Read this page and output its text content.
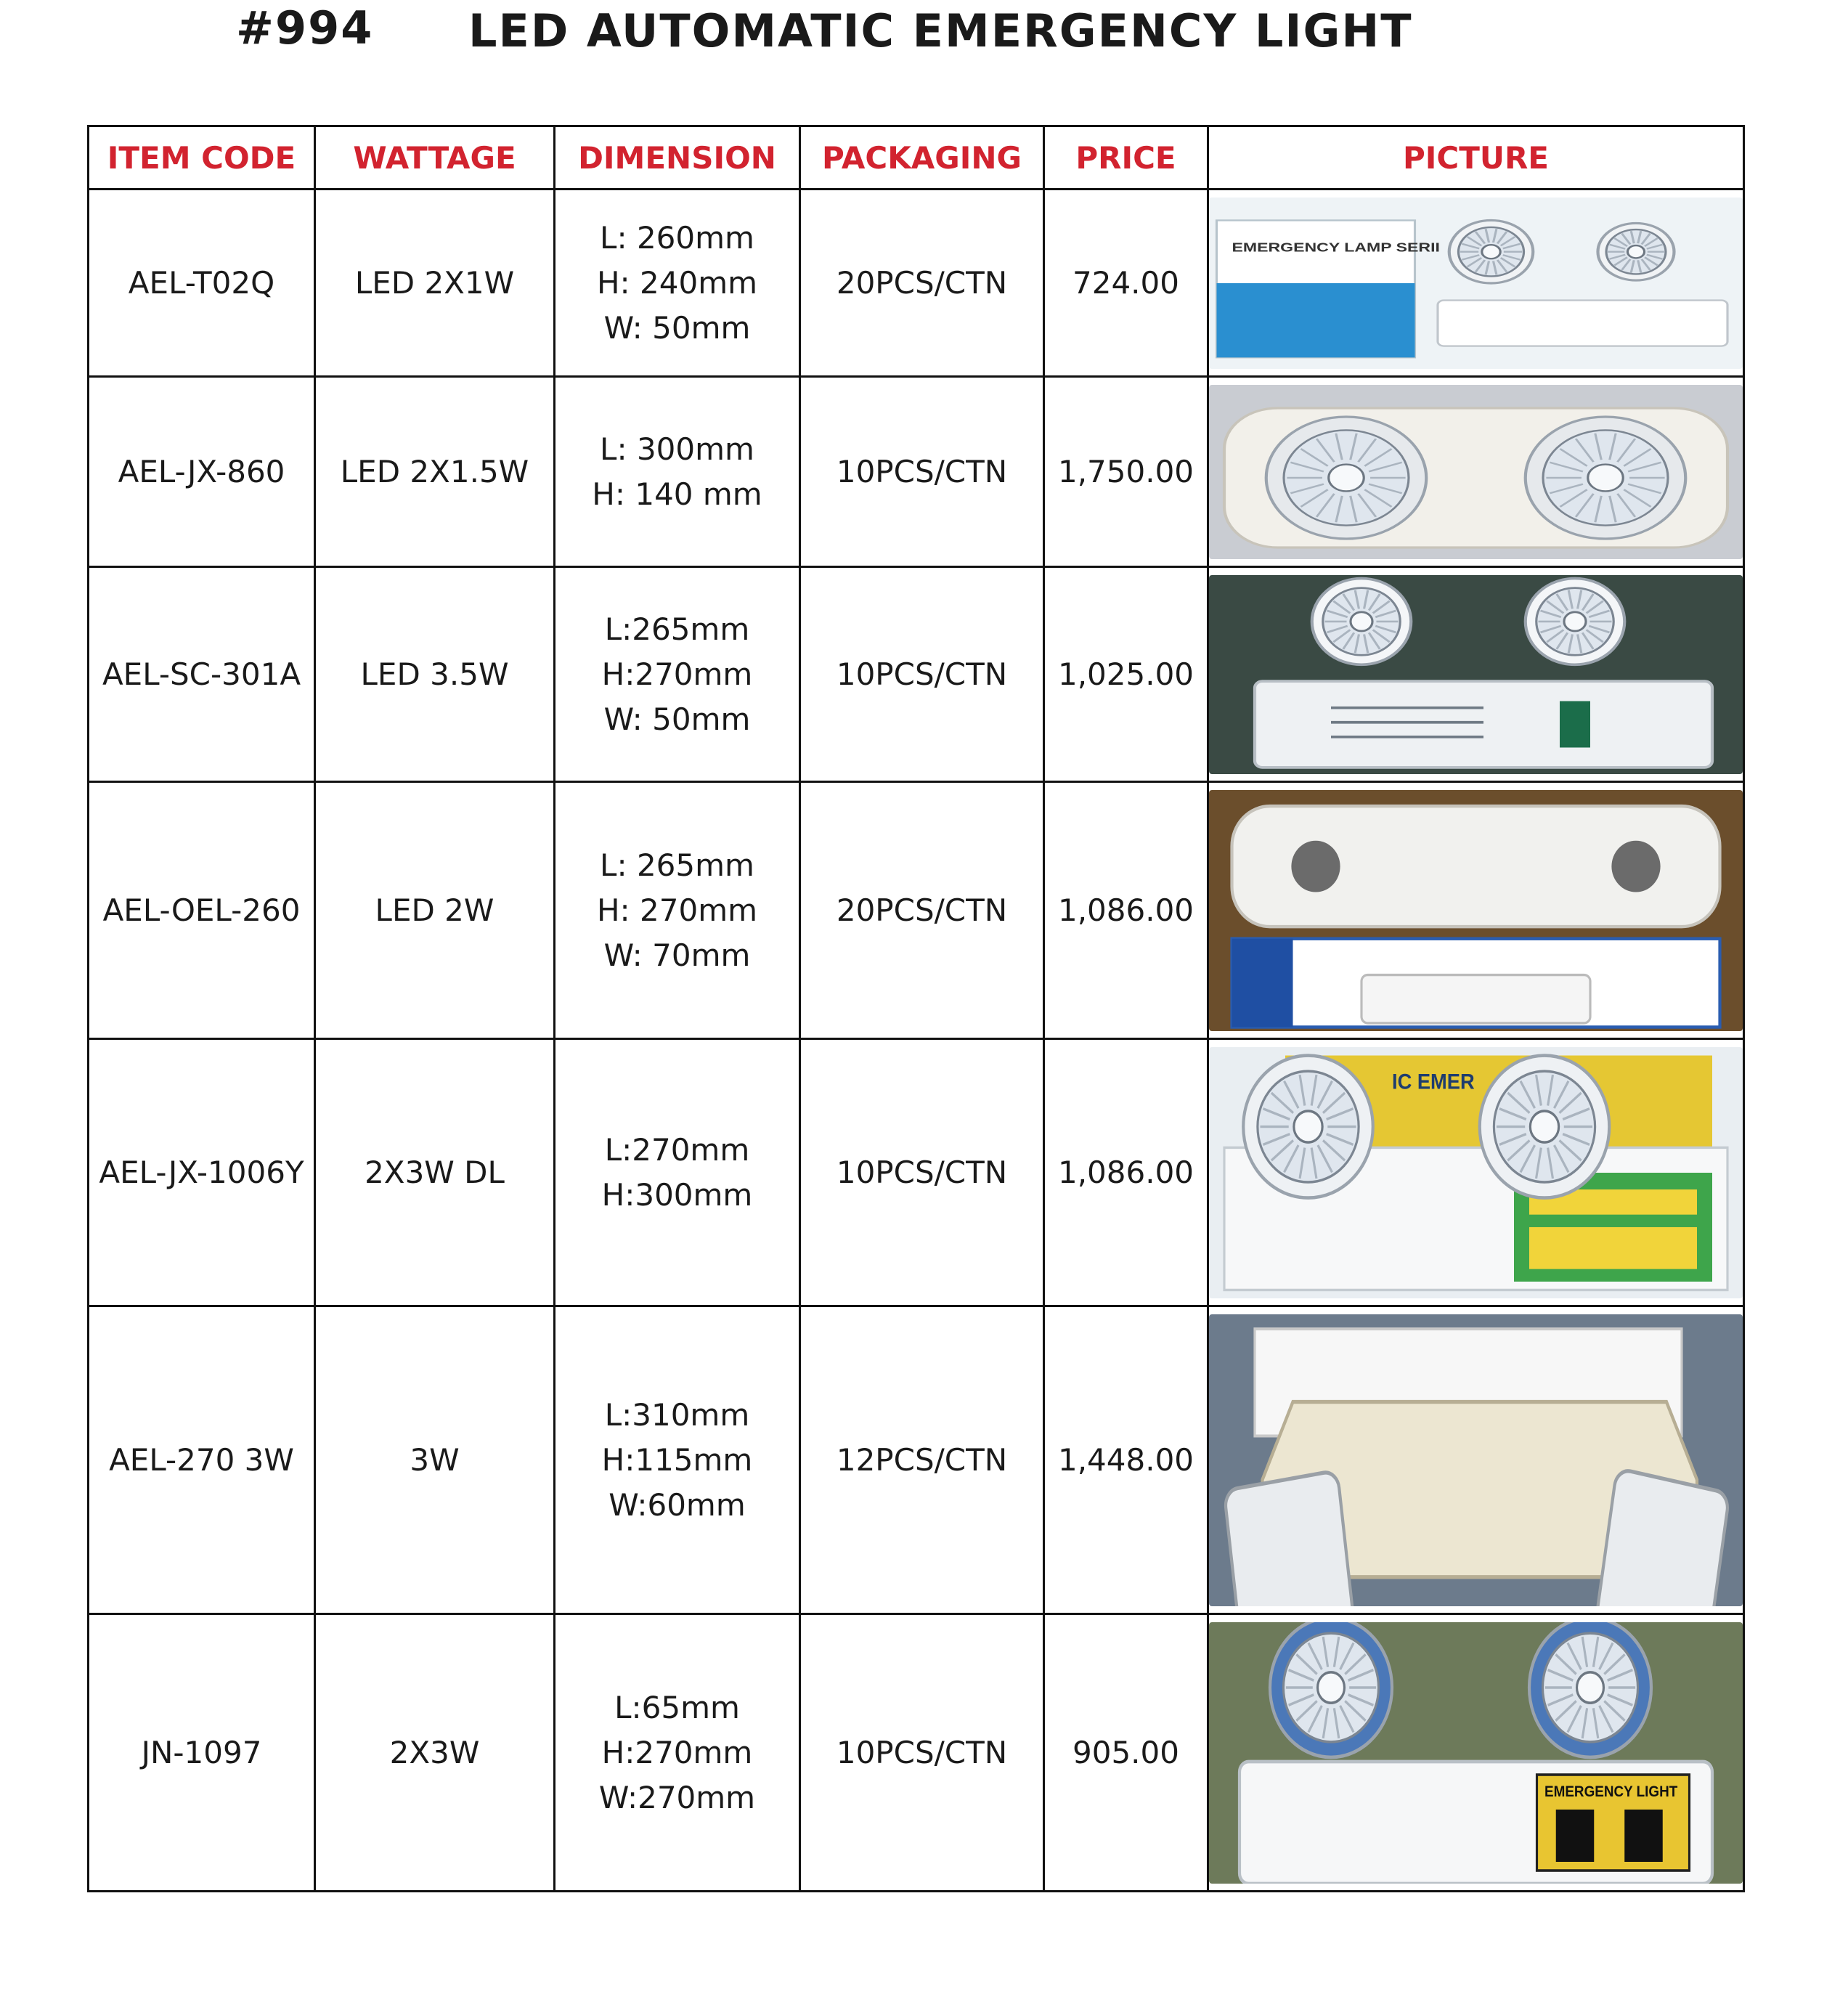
#994 LED AUTOMATIC EMERGENCY LIGHT
ITEM CODE	WATTAGE	DIMENSION	PACKAGING	PRICE	PICTURE
AEL-T02Q	LED 2X1W	L: 260mm
H: 240mm
W: 50mm	20PCS/CTN	724.00	EMERGENCY LAMP SERII

AEL-JX-860	LED 2X1.5W	L: 300mm
H: 140 mm	10PCS/CTN	1,750.00	

AEL-SC-301A	LED 3.5W	L:265mm
H:270mm
W: 50mm	10PCS/CTN	1,025.00	

AEL-OEL-260	LED 2W	L: 265mm
H: 270mm
W: 70mm	20PCS/CTN	1,086.00	

AEL-JX-1006Y	2X3W DL	L:270mm
H:300mm	10PCS/CTN	1,086.00	IC EMER

AEL-270 3W	3W	L:310mm
H:115mm
W:60mm	12PCS/CTN	1,448.00	

JN-1097	2X3W	L:65mm
H:270mm
W:270mm	10PCS/CTN	905.00	EMERGENCY LIGHT
